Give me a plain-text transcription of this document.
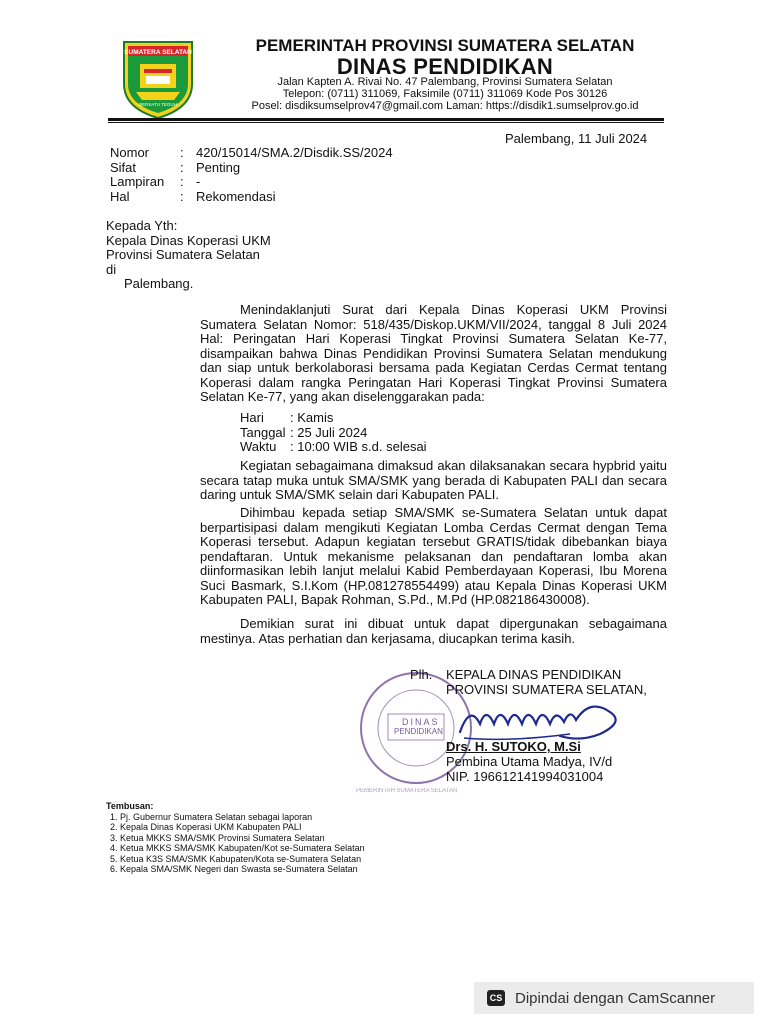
SUMATERA SELATAN
BERSATU TEGUH
PEMERINTAH PROVINSI SUMATERA SELATAN
DINAS PENDIDIKAN
Jalan Kapten A. Rivai No. 47 Palembang, Provinsi Sumatera Selatan
Telepon: (0711) 311069, Faksimile (0711) 311069 Kode Pos 30126
Posel: disdiksumselprov47@gmail.com Laman: https://disdik1.sumselprov.go.id
Palembang, 11 Juli 2024
Nomor	: 420/15014/SMA.2/Disdik.SS/2024
Sifat	: Penting
Lampiran	: -
Hal	: Rekomendasi
Kepada Yth:
Kepala Dinas Koperasi UKM
Provinsi Sumatera Selatan
di
Palembang.
Menindaklanjuti Surat dari Kepala Dinas Koperasi UKM Provinsi Sumatera Selatan Nomor: 518/435/Diskop.UKM/VII/2024, tanggal 8 Juli 2024 Hal: Peringatan Hari Koperasi Tingkat Provinsi Sumatera Selatan Ke-77, disampaikan bahwa Dinas Pendidikan Provinsi Sumatera Selatan mendukung dan siap untuk berkolaborasi bersama pada Kegiatan Cerdas Cermat tentang Koperasi dalam rangka Peringatan Hari Koperasi Tingkat Provinsi Sumatera Selatan Ke-77, yang akan diselenggarakan pada:
Hari	: Kamis
Tanggal : 25 Juli 2024
Waktu	: 10:00 WIB s.d. selesai
Kegiatan sebagaimana dimaksud akan dilaksanakan secara hypbrid yaitu secara tatap muka untuk SMA/SMK yang berada di Kabupaten PALI dan secara daring untuk SMA/SMK selain dari Kabupaten PALI.
Dihimbau kepada setiap SMA/SMK se-Sumatera Selatan untuk dapat berpartisipasi dalam mengikuti Kegiatan Lomba Cerdas Cermat dengan Tema Koperasi tersebut. Adapun kegiatan tersebut GRATIS/tidak dibebankan biaya pendaftaran. Untuk mekanisme pelaksanan dan pendaftaran lomba akan diinformasikan lebih lanjut melalui Kabid Pemberdayaan Koperasi, Ibu Morena Suci Basmark, S.I.Kom (HP.081278554499) atau Kepala Dinas Koperasi UKM Kabupaten PALI, Bapak Rohman, S.Pd., M.Pd (HP.082186430008).
Demikian surat ini dibuat untuk dapat dipergunakan sebagaimana mestinya. Atas perhatian dan kerjasama, diucapkan terima kasih.
DINAS
PENDIDIKAN
PEMERINTAH SUMATERA SELATAN
Plh. KEPALA DINAS PENDIDIKAN
PROVINSI SUMATERA SELATAN,
Drs. H. SUTOKO, M.Si
Pembina Utama Madya, IV/d
NIP. 196612141994031004
Tembusan:
1. Pj. Gubernur Sumatera Selatan sebagai laporan
2. Kepala Dinas Koperasi UKM Kabupaten PALI
3. Ketua MKKS SMA/SMK Provinsi Sumatera Selatan
4. Ketua MKKS SMA/SMK Kabupaten/Kot se-Sumatera Selatan
5. Ketua K3S SMA/SMK Kabupaten/Kota se-Sumatera Selatan
6. Kepala SMA/SMK Negeri dan Swasta se-Sumatera Selatan
CS Dipindai dengan CamScanner
